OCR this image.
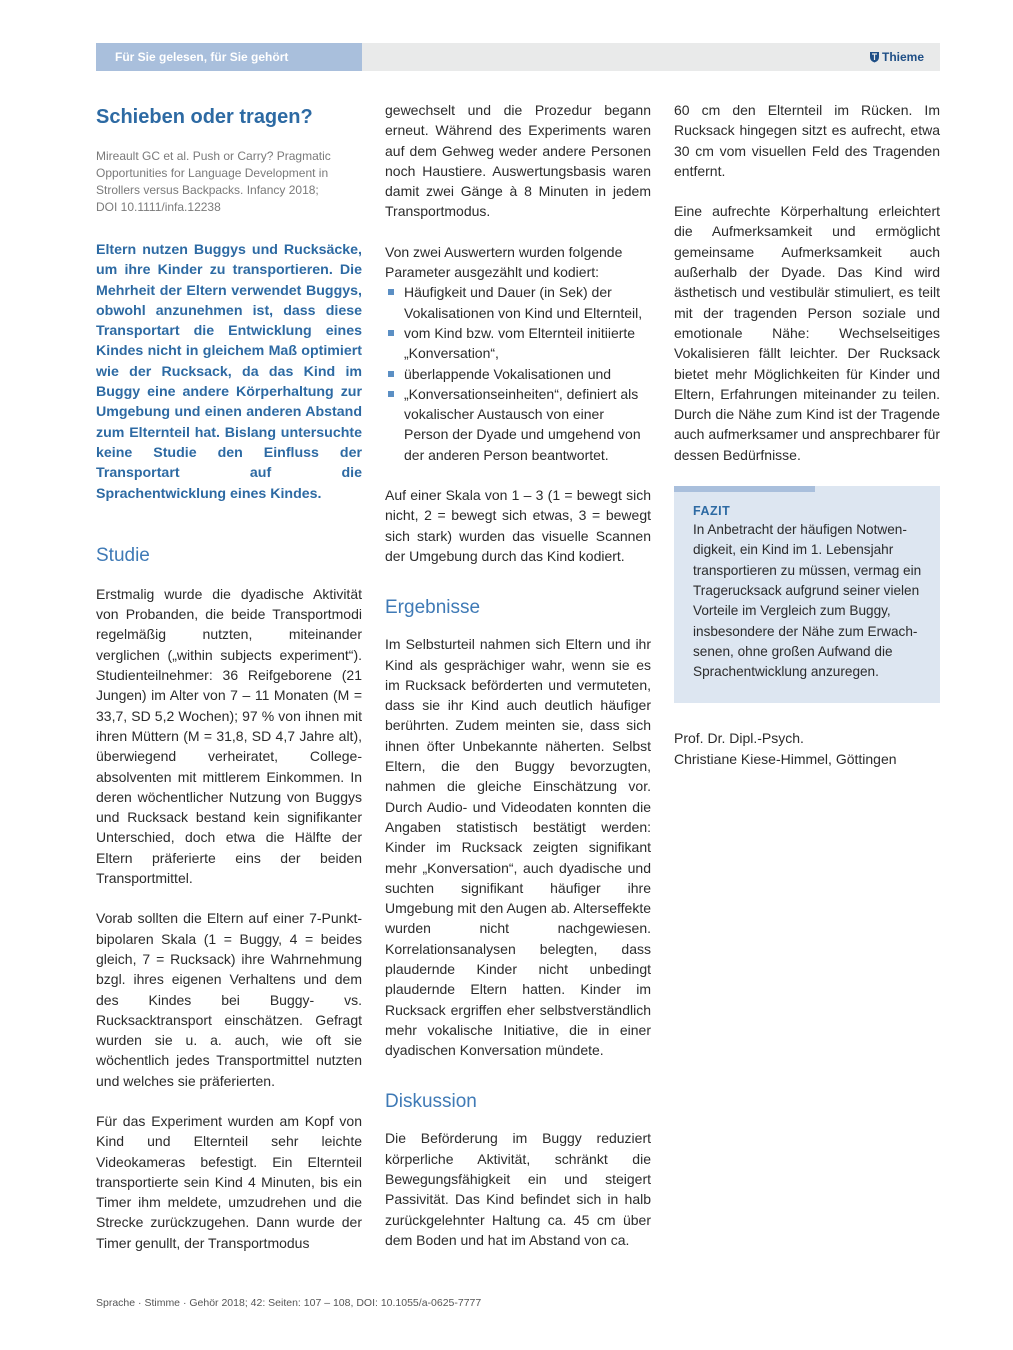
Für Sie gelesen, für Sie gehört	Thieme
Schieben oder tragen?
Mireault GC et al. Push or Carry? Pragmatic
Opportunities for Language Development in
Strollers versus Backpacks. Infancy 2018;
DOI 10.1111/infa.12238

Eltern nutzen Buggys und Rucksäcke, um ihre Kinder zu transportieren. Die Mehrheit der Eltern verwendet Buggys, obwohl anzunehmen ist, dass diese Transportart die Entwicklung eines Kindes nicht in gleichem Maß optimiert wie der Rucksack, da das Kind im Buggy eine andere Körperhaltung zur Umgebung und einen anderen Abstand zum Elternteil hat. Bislang untersuchte keine Studie den Einfluss der Transportart auf die Sprachentwicklung eines Kindes.

Studie

Erstmalig wurde die dyadische Aktivität von Probanden, die beide Transportmodi regelmäßig nutzten, miteinander verglichen („within subjects experiment“). Studienteilnehmer: 36 Reifgeborene (21 Jungen) im Alter von 7 – 11 Monaten (M = 33,7, SD 5,2 Wochen); 97 % von ihnen mit ihren Müttern (M = 31,8, SD 4,7 Jahre alt), überwiegend verheiratet, College-absolventen mit mittlerem Einkommen. In deren wöchentlicher Nutzung von Buggys und Rucksack bestand kein signifikanter Unterschied, doch etwa die Hälfte der Eltern präferierte eins der beiden Transportmittel.

Vorab sollten die Eltern auf einer 7-Punkt-bipolaren Skala (1 = Buggy, 4 = beides gleich, 7 = Rucksack) ihre Wahrnehmung bzgl. ihres eigenen Verhaltens und dem des Kindes bei Buggy- vs. Rucksacktransport einschätzen. Gefragt wurden sie u. a. auch, wie oft sie wöchentlich jedes Transportmittel nutzten und welches sie präferierten.

Für das Experiment wurden am Kopf von Kind und Elternteil sehr leichte Videokameras befestigt. Ein Elternteil transportierte sein Kind 4 Minuten, bis ein Timer ihm meldete, umzudrehen und die Strecke zurückzugehen. Dann wurde der Timer genullt, der Transportmodus

gewechselt und die Prozedur begann erneut. Während des Experiments waren auf dem Gehweg weder andere Personen noch Haustiere. Auswertungsbasis waren damit zwei Gänge à 8 Minuten in jedem Transportmodus.

Von zwei Auswertern wurden folgende Parameter ausgezählt und kodiert:

Häufigkeit und Dauer (in Sek) der Vokalisationen von Kind und Elternteil,
vom Kind bzw. vom Elternteil initiierte „Konversation“,
überlappende Vokalisationen und
„Konversationseinheiten“, definiert als vokalischer Austausch von einer Person der Dyade und umgehend von der anderen Person beantwortet.

Auf einer Skala von 1 – 3 (1 = bewegt sich nicht, 2 = bewegt sich etwas, 3 = bewegt sich stark) wurden das visuelle Scannen der Umgebung durch das Kind kodiert.

Ergebnisse

Im Selbsturteil nahmen sich Eltern und ihr Kind als gesprächiger wahr, wenn sie es im Rucksack beförderten und vermuteten, dass sie ihr Kind auch deutlich häufiger berührten. Zudem meinten sie, dass sich ihnen öfter Unbekannte näherten. Selbst Eltern, die den Buggy bevorzugten, nahmen die gleiche Einschätzung vor. Durch Audio- und Videodaten konnten die Angaben statistisch bestätigt werden: Kinder im Rucksack zeigten signifikant mehr „Konversation“, auch dyadische und suchten signifikant häufiger ihre Umgebung mit den Augen ab. Alterseffekte wurden nicht nachgewiesen. Korrelationsanalysen belegten, dass plaudernde Kinder nicht unbedingt plaudernde Eltern hatten. Kinder im Rucksack ergriffen eher selbstverständlich mehr vokalische Initiative, die in einer dyadischen Konversation mündete.

Diskussion

Die Beförderung im Buggy reduziert körperliche Aktivität, schränkt die Bewegungsfähigkeit ein und steigert Passivität. Das Kind befindet sich in halb zurückgelehnter Haltung ca. 45 cm über dem Boden und hat im Abstand von ca.

60 cm den Elternteil im Rücken. Im Rucksack hingegen sitzt es aufrecht, etwa 30 cm vom visuellen Feld des Tragenden entfernt.

Eine aufrechte Körperhaltung erleichtert die Aufmerksamkeit und ermöglicht gemeinsame Aufmerksamkeit auch außerhalb der Dyade. Das Kind wird ästhetisch und vestibulär stimuliert, es teilt mit der tragenden Person soziale und emotionale Nähe: Wechselseitiges Vokalisieren fällt leichter. Der Rucksack bietet mehr Möglichkeiten für Kinder und Eltern, Erfahrungen miteinander zu teilen. Durch die Nähe zum Kind ist der Tragende auch aufmerksamer und ansprechbarer für dessen Bedürfnisse.

FAZIT
In Anbetracht der häufigen Notwen-
digkeit, ein Kind im 1. Lebensjahr
transportieren zu müssen, vermag ein
Tragerucksack aufgrund seiner vielen
Vorteile im Vergleich zum Buggy,
insbesondere der Nähe zum Erwach-
senen, ohne großen Aufwand die
Sprachentwicklung anzuregen.
Prof. Dr. Dipl.-Psych.
Christiane Kiese-Himmel, Göttingen
Sprache · Stimme · Gehör 2018; 42: Seiten: 107 – 108, DOI: 10.1055/a-0625-7777
